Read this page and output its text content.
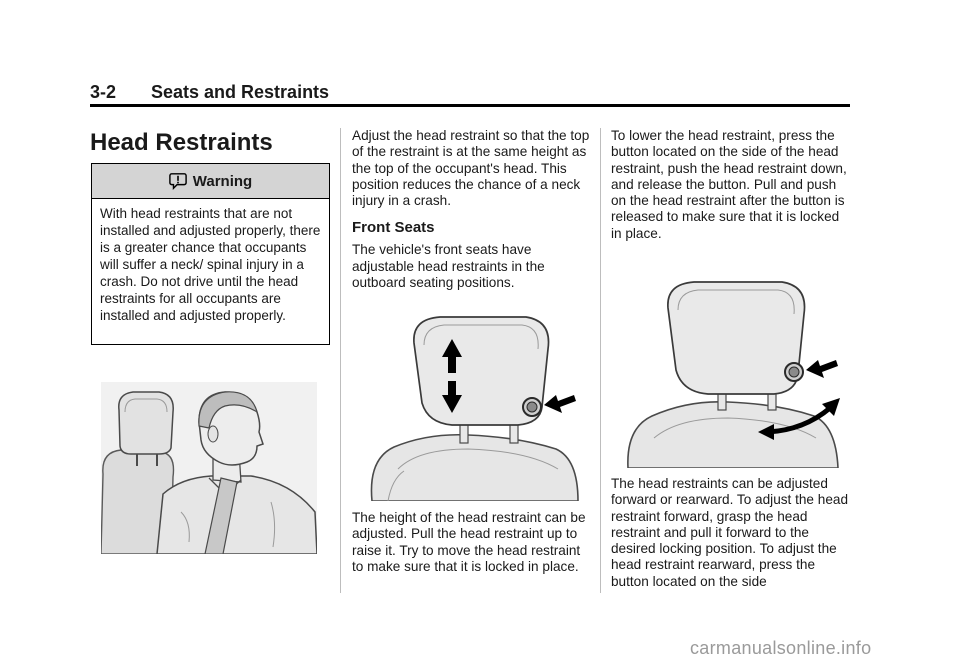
3-2 Seats and Restraints
Head Restraints
Warning
With head restraints that are not installed and adjusted properly, there is a greater chance that occupants will suffer a neck/ spinal injury in a crash. Do not drive until the head restraints for all occupants are installed and adjusted properly.

Adjust the head restraint so that the top of the restraint is at the same height as the top of the occupant's head. This position reduces the chance of a neck injury in a crash.

Front Seats

The vehicle's front seats have adjustable head restraints in the outboard seating positions.

The height of the head restraint can be adjusted. Pull the head restraint up to raise it. Try to move the head restraint to make sure that it is locked in place.

To lower the head restraint, press the button located on the side of the head restraint, push the head restraint down, and release the button. Pull and push on the head restraint after the button is released to make sure that it is locked in place.

The head restraints can be adjusted forward or rearward. To adjust the head restraint forward, grasp the head restraint and pull it forward to the desired locking position. To adjust the head restraint rearward, press the button located on the side

carmanualsonline.info
